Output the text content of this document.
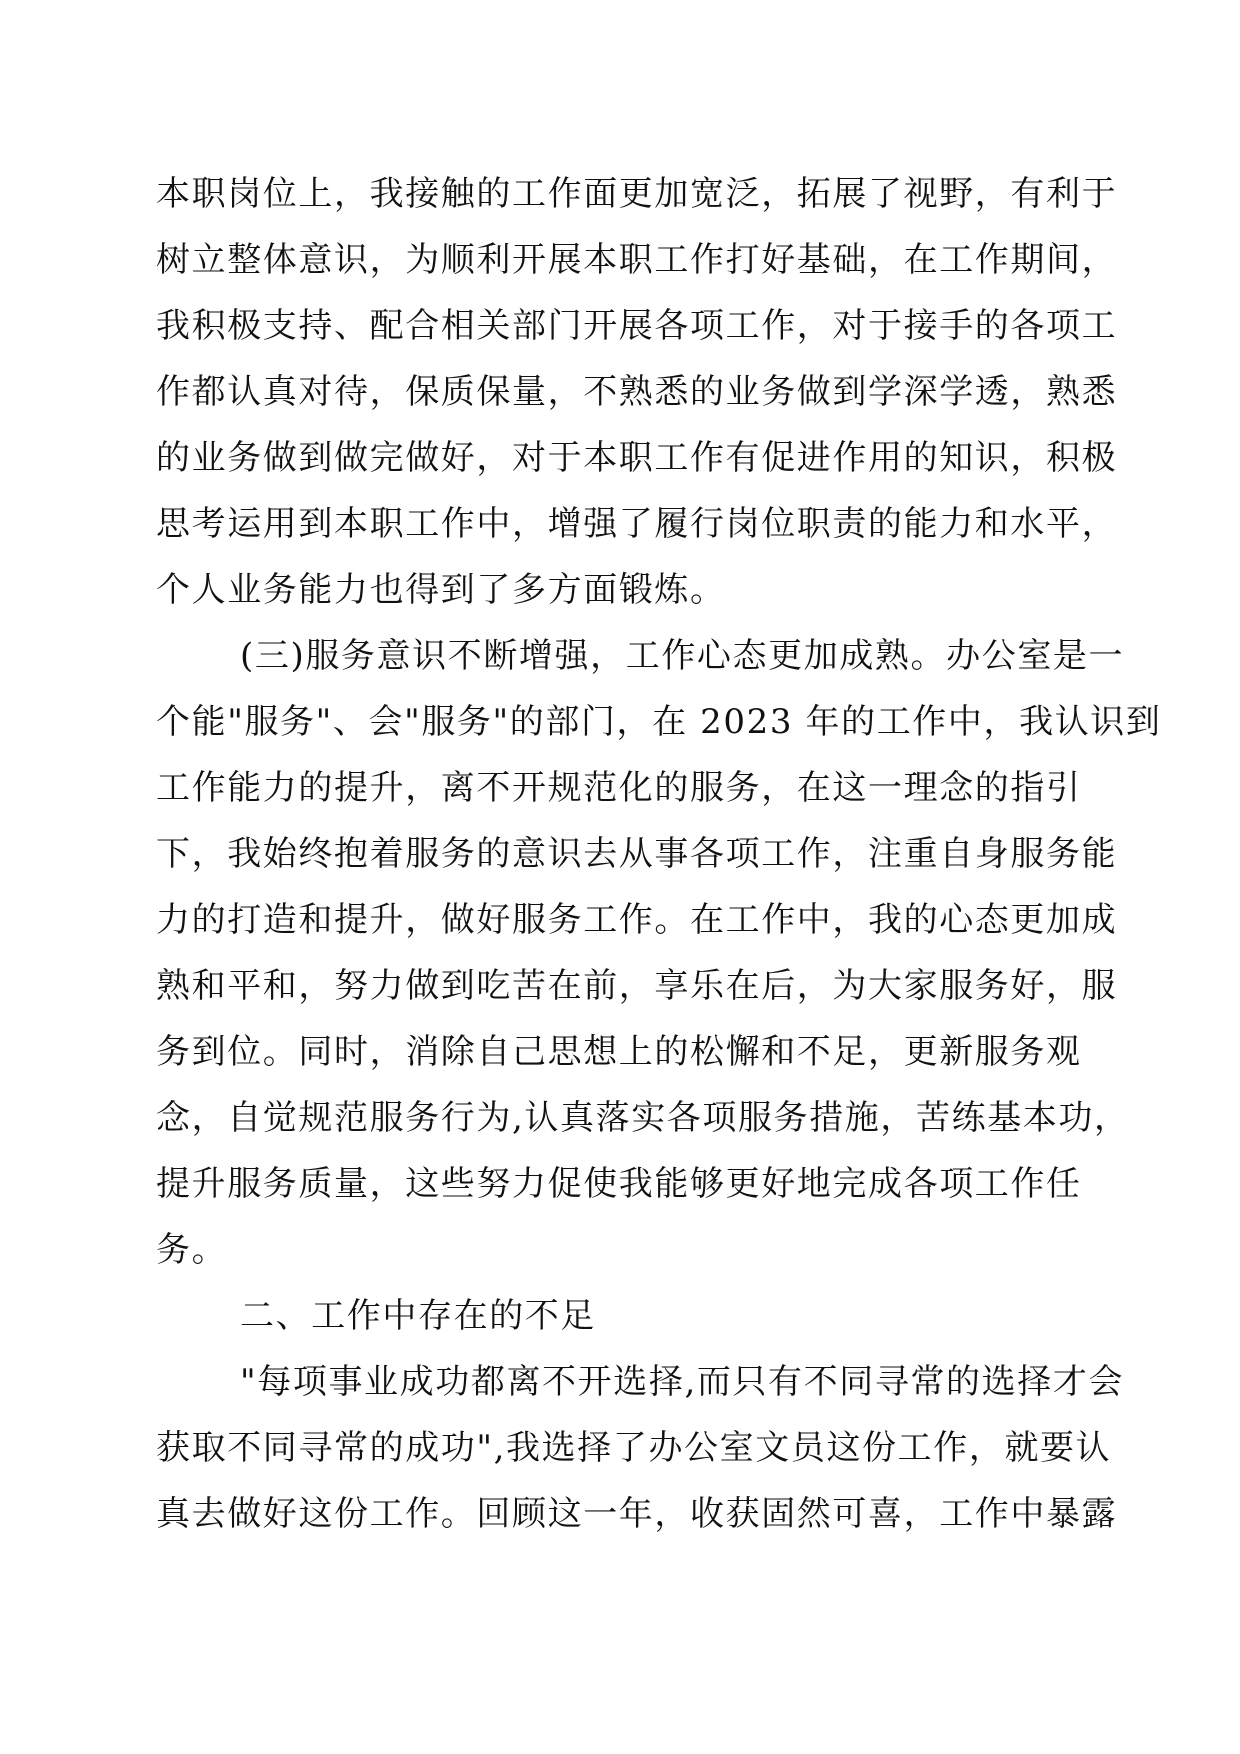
本职岗位上，我接触的工作面更加宽泛，拓展了视野，有利于
树立整体意识，为顺利开展本职工作打好基础，在工作期间，
我积极支持、配合相关部门开展各项工作，对于接手的各项工
作都认真对待，保质保量，不熟悉的业务做到学深学透，熟悉
的业务做到做完做好，对于本职工作有促进作用的知识，积极
思考运用到本职工作中，增强了履行岗位职责的能力和水平，
个人业务能力也得到了多方面锻炼。
(三)服务意识不断增强，工作心态更加成熟。办公室是一
个能"服务"、会"服务"的部门，在 2023 年的工作中，我认识到
工作能力的提升，离不开规范化的服务，在这一理念的指引
下，我始终抱着服务的意识去从事各项工作，注重自身服务能
力的打造和提升，做好服务工作。在工作中，我的心态更加成
熟和平和，努力做到吃苦在前，享乐在后，为大家服务好，服
务到位。同时，消除自己思想上的松懈和不足，更新服务观
念，自觉规范服务行为,认真落实各项服务措施，苦练基本功，
提升服务质量，这些努力促使我能够更好地完成各项工作任
务。
二、工作中存在的不足
"每项事业成功都离不开选择,而只有不同寻常的选择才会
获取不同寻常的成功",我选择了办公室文员这份工作，就要认
真去做好这份工作。回顾这一年，收获固然可喜，工作中暴露
